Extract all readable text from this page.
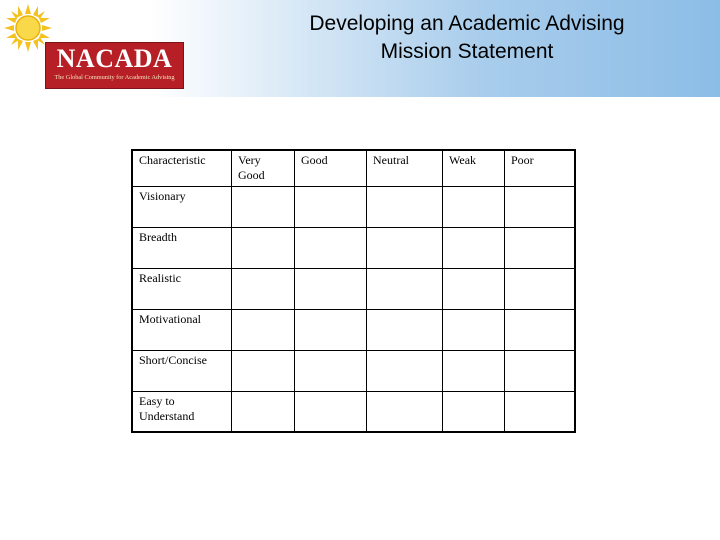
NACADA
The Global Community for Academic Advising
Developing an Academic Advising
Mission Statement
Characteristic	Very Good	Good	Neutral	Weak	Poor
Visionary					
Breadth					
Realistic					
Motivational					
Short/Concise					
Easy to Understand					
